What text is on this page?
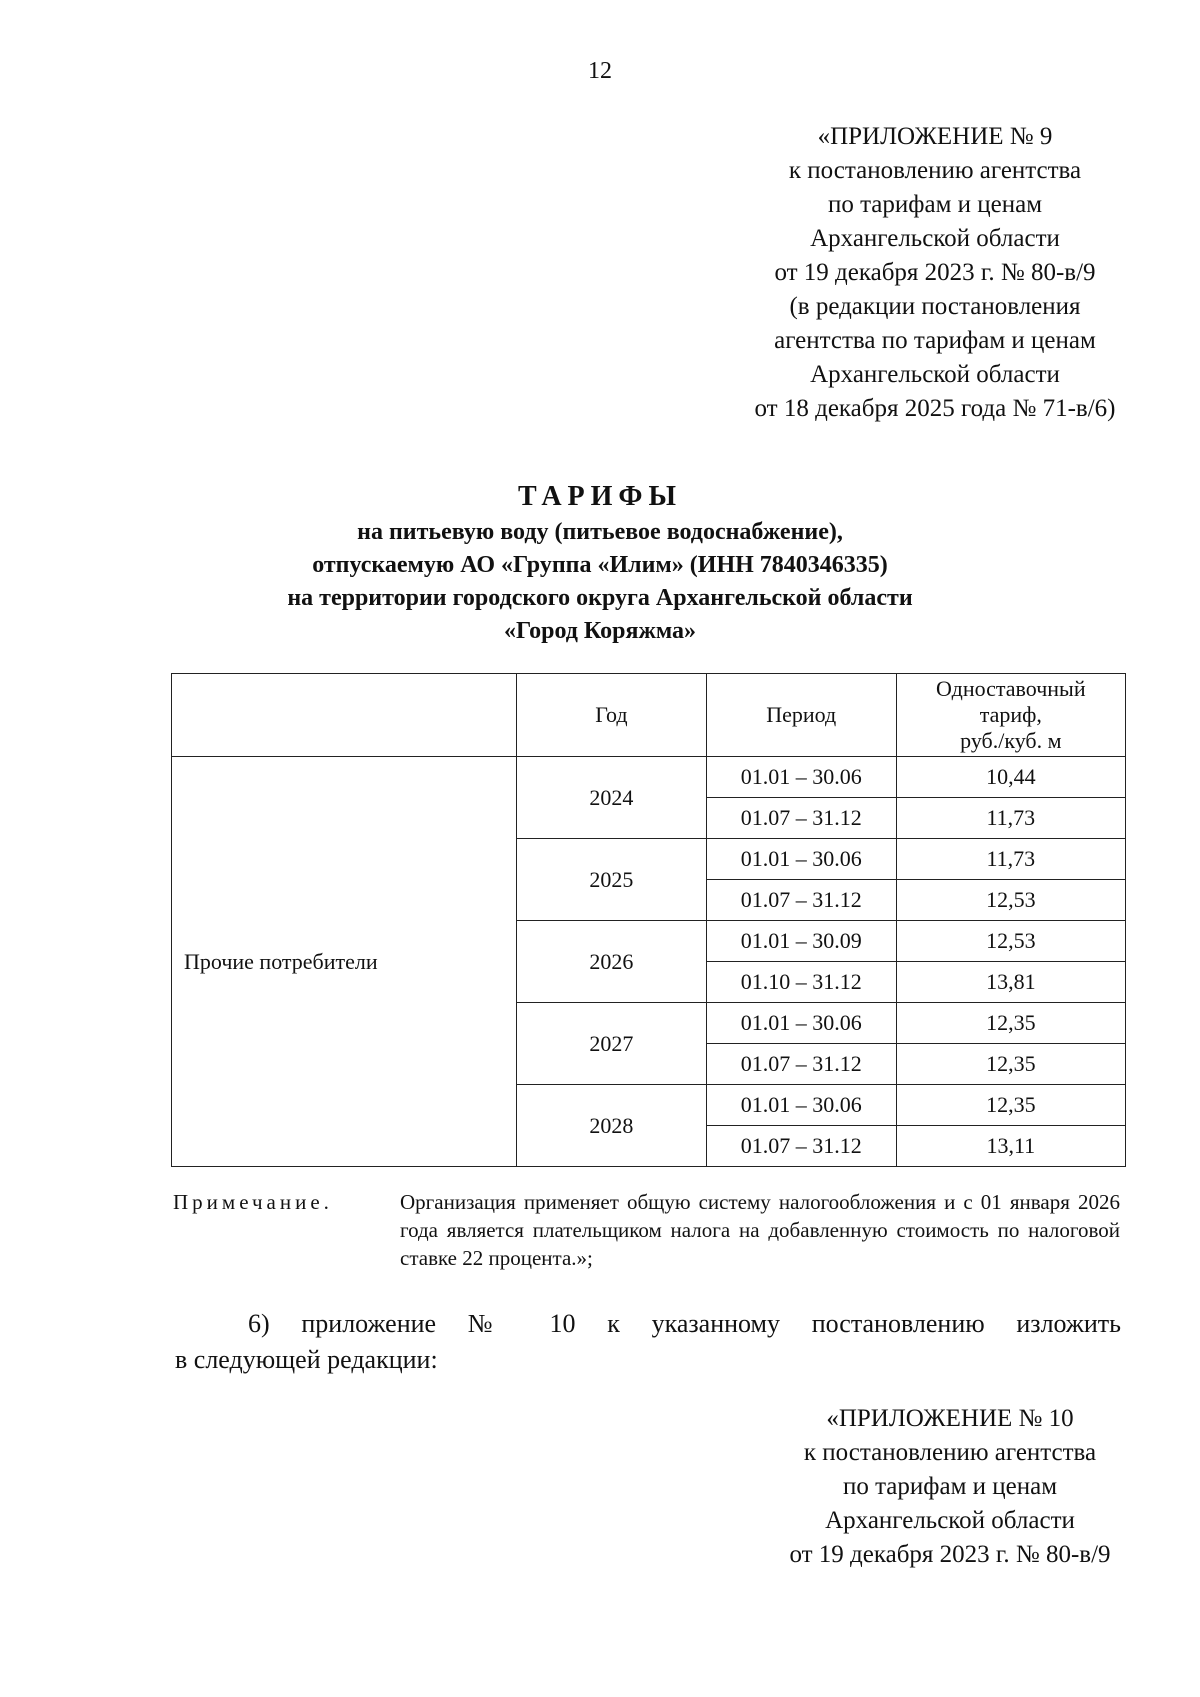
12
«ПРИЛОЖЕНИЕ № 9
к постановлению агентства
по тарифам и ценам
Архангельской области
от 19 декабря 2023 г. № 80-в/9
(в редакции постановления
агентства по тарифам и ценам
Архангельской области
от 18 декабря 2025 года № 71-в/6)
ТАРИФЫ
на питьевую воду (питьевое водоснабжение),
отпускаемую АО «Группа «Илим» (ИНН 7840346335)
на территории городского округа Архангельской области
«Город Коряжма»
	Год	Период	Одноставочный
тариф,
руб./куб. м

Прочие потребители	2024	01.01 – 30.06	10,44
		01.07 – 31.12	11,73
	2025	01.01 – 30.06	11,73
		01.07 – 31.12	12,53
	2026	01.01 – 30.09	12,53
		01.10 – 31.12	13,81
	2027	01.01 – 30.06	12,35
		01.07 – 31.12	12,35
	2028	01.01 – 30.06	12,35
		01.07 – 31.12	13,11
Примечание.	Организация применяет общую систему налогообложения и с 01 января 2026 года является плательщиком налога на добавленную стоимость по налоговой ставке 22 процента.»;
6) приложение № 10 к указанному постановлению изложить
в следующей редакции:
«ПРИЛОЖЕНИЕ № 10
к постановлению агентства
по тарифам и ценам
Архангельской области
от 19 декабря 2023 г. № 80-в/9
